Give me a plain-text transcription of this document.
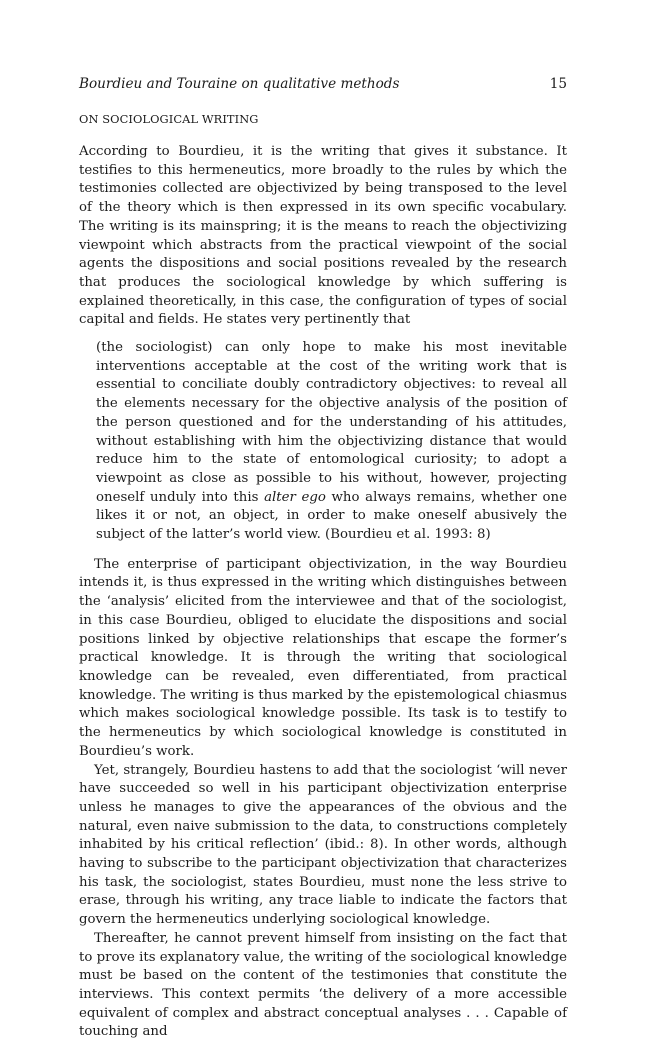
Bourdieu and Touraine on qualitative methods	15
ON SOCIOLOGICAL WRITING

According to Bourdieu, it is the writing that gives it substance. It testifies to this hermeneutics, more broadly to the rules by which the testimonies collected are objectivized by being transposed to the level of the theory which is then expressed in its own specific vocabulary. The writing is its mainspring; it is the means to reach the objectivizing viewpoint which abstracts from the practical viewpoint of the social agents the dispositions and social positions revealed by the research that produces the sociological knowledge by which suffering is explained theoretically, in this case, the configuration of types of social capital and fields. He states very pertinently that

(the sociologist) can only hope to make his most inevitable interventions acceptable at the cost of the writing work that is essential to conciliate doubly contradictory objectives: to reveal all the elements necessary for the objective analysis of the position of the person questioned and for the understanding of his attitudes, without establishing with him the objectivizing distance that would reduce him to the state of entomological curiosity; to adopt a viewpoint as close as possible to his without, however, projecting oneself unduly into this alter ego who always remains, whether one likes it or not, an object, in order to make oneself abusively the subject of the latter’s world view. (Bourdieu et al. 1993: 8)

The enterprise of participant objectivization, in the way Bourdieu intends it, is thus expressed in the writing which distinguishes between the ‘analysis’ elicited from the interviewee and that of the sociologist, in this case Bourdieu, obliged to elucidate the dispositions and social positions linked by objective relationships that escape the former’s practical knowledge. It is through the writing that sociological knowledge can be revealed, even differentiated, from practical knowledge. The writing is thus marked by the epistemological chiasmus which makes sociological knowledge possible. Its task is to testify to the hermeneutics by which sociological knowledge is constituted in Bourdieu’s work.

Yet, strangely, Bourdieu hastens to add that the sociologist ‘will never have succeeded so well in his participant objectivization enterprise unless he manages to give the appearances of the obvious and the natural, even naive submission to the data, to constructions completely inhabited by his critical reflection’ (ibid.: 8). In other words, although having to subscribe to the participant objectivization that characterizes his task, the sociologist, states Bourdieu, must none the less strive to erase, through his writing, any trace liable to indicate the factors that govern the hermeneutics underlying sociological knowledge.

Thereafter, he cannot prevent himself from insisting on the fact that to prove its explanatory value, the writing of the sociological knowledge must be based on the content of the testimonies that constitute the interviews. This context permits ‘the delivery of a more accessible equivalent of complex and abstract conceptual analyses . . . Capable of touching and
